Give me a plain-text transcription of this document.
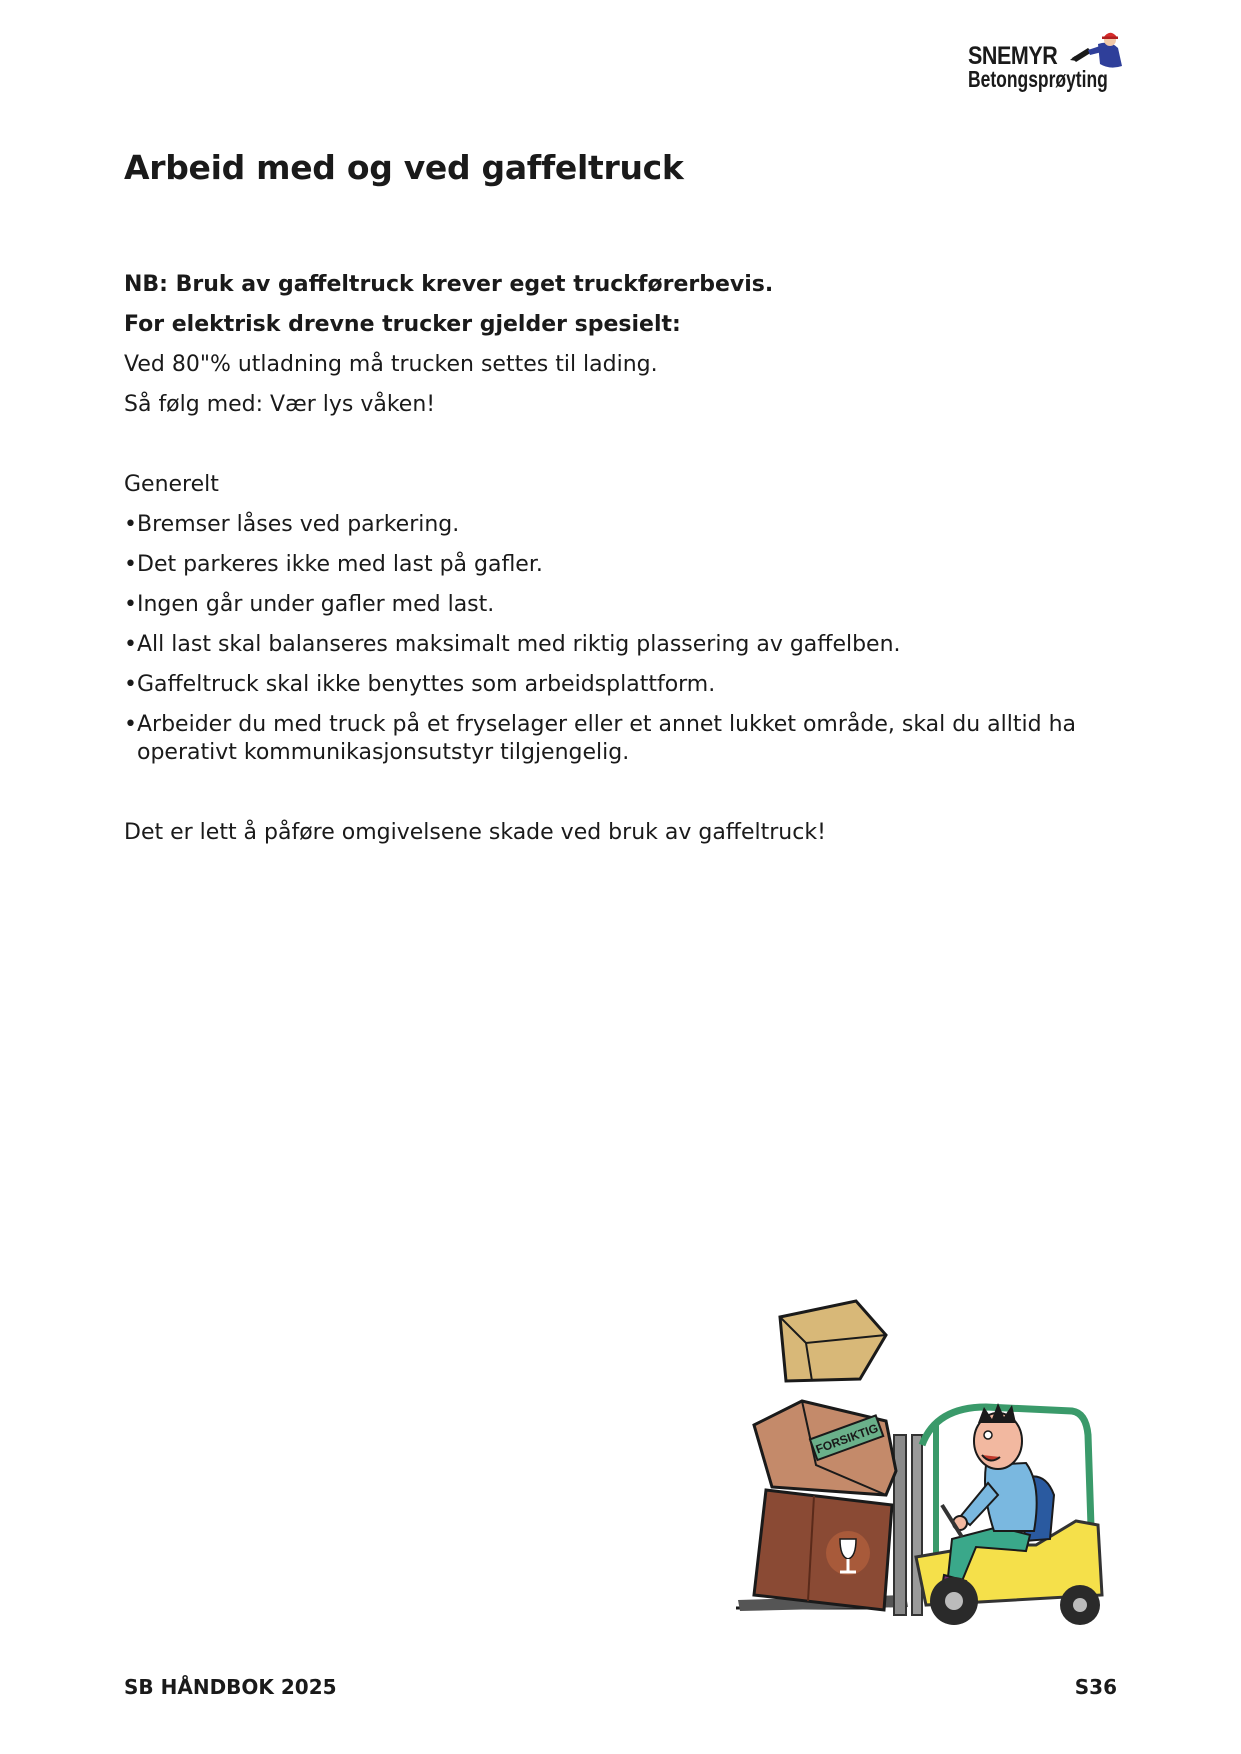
SNEMYR
Betongsprøyting
Arbeid med og ved gaffeltruck

NB: Bruk av gaffeltruck krever eget truckførerbevis.

For elektrisk drevne trucker gjelder spesielt:

Ved 80"% utladning må trucken settes til lading.

Så følg med: Vær lys våken!

Generelt

•Bremser låses ved parkering.
•Det parkeres ikke med last på gafler.
•Ingen går under gafler med last.
•All last skal balanseres maksimalt med riktig plassering av gaffelben.
•Gaffeltruck skal ikke benyttes som arbeidsplattform.
•Arbeider du med truck på et fryselager eller et annet lukket område, skal du alltid ha operativt kommunikasjonsutstyr tilgjengelig.

Det er lett å påføre omgivelsene skade ved bruk av gaffeltruck!

FORSIKTIG
SB HÅNDBOK 2025	S36
